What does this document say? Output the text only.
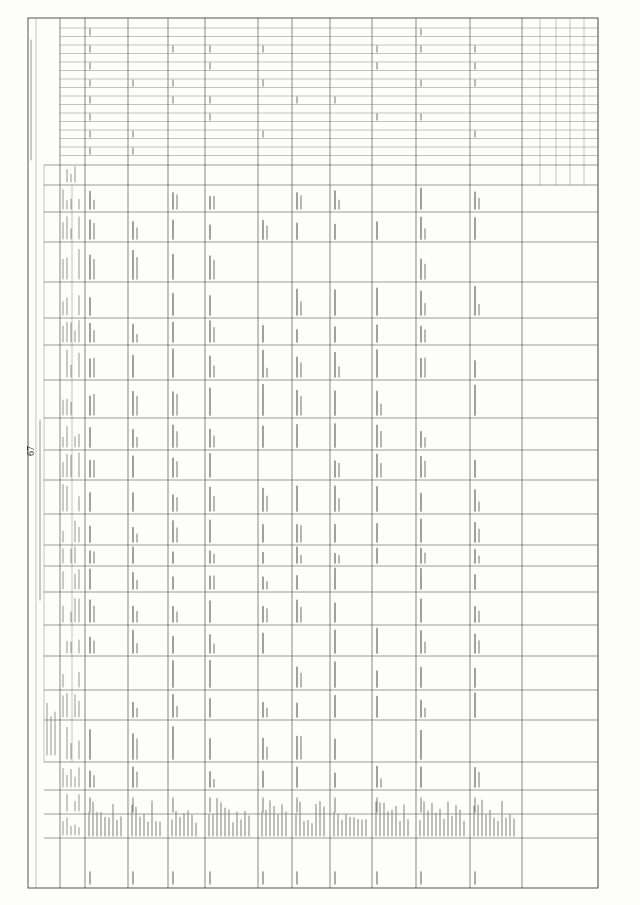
67
